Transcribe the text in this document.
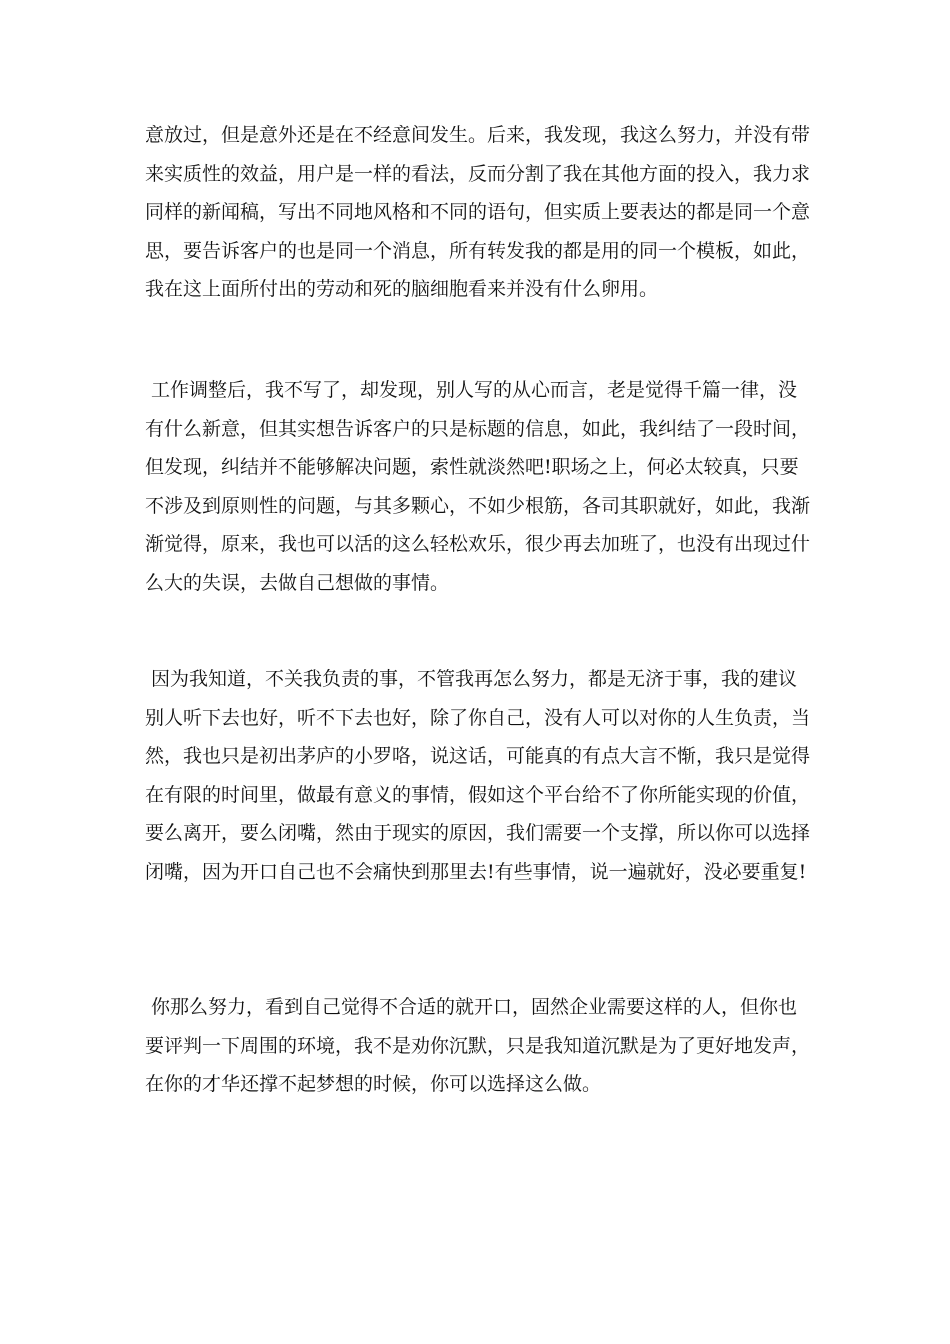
意放过，但是意外还是在不经意间发生。后来，我发现，我这么努力，并没有带来实质性的效益，用户是一样的看法，反而分割了我在其他方面的投入，我力求同样的新闻稿，写出不同地风格和不同的语句，但实质上要表达的都是同一个意思，要告诉客户的也是同一个消息，所有转发我的都是用的同一个模板，如此，我在这上面所付出的劳动和死的脑细胞看来并没有什么卵用。

工作调整后，我不写了，却发现，别人写的从心而言，老是觉得千篇一律，没有什么新意，但其实想告诉客户的只是标题的信息，如此，我纠结了一段时间，但发现，纠结并不能够解决问题，索性就淡然吧!职场之上，何必太较真，只要不涉及到原则性的问题，与其多颗心，不如少根筋，各司其职就好，如此，我渐渐觉得，原来，我也可以活的这么轻松欢乐，很少再去加班了，也没有出现过什么大的失误，去做自己想做的事情。

因为我知道，不关我负责的事，不管我再怎么努力，都是无济于事，我的建议别人听下去也好，听不下去也好，除了你自己，没有人可以对你的人生负责，当然，我也只是初出茅庐的小罗咯，说这话，可能真的有点大言不惭，我只是觉得在有限的时间里，做最有意义的事情，假如这个平台给不了你所能实现的价值，要么离开，要么闭嘴，然由于现实的原因，我们需要一个支撑，所以你可以选择闭嘴，因为开口自己也不会痛快到那里去!有些事情，说一遍就好，没必要重复!

你那么努力，看到自己觉得不合适的就开口，固然企业需要这样的人，但你也要评判一下周围的环境，我不是劝你沉默，只是我知道沉默是为了更好地发声，在你的才华还撑不起梦想的时候，你可以选择这么做。
